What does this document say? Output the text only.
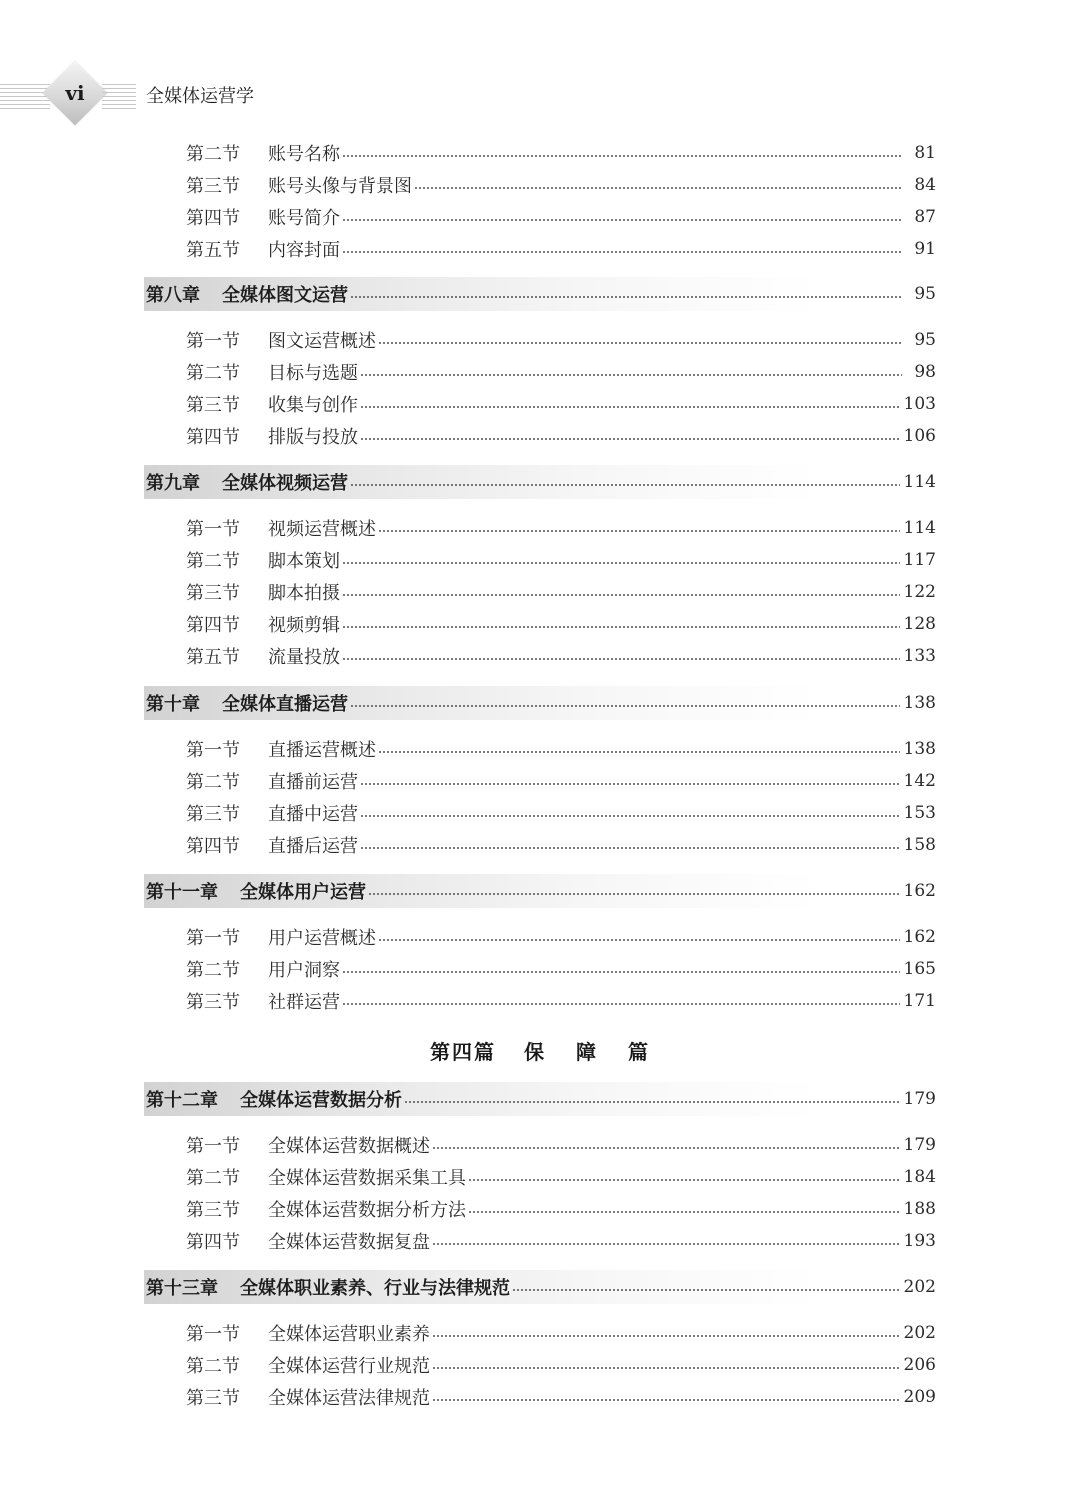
vi	全媒体运营学
第二节	账号名称	81
第三节	账号头像与背景图	84
第四节	账号简介	87
第五节	内容封面	91
第八章 全媒体图文运营	95
第一节	图文运营概述	95
第二节	目标与选题	98
第三节	收集与创作	103
第四节	排版与投放	106
第九章 全媒体视频运营	114
第一节	视频运营概述	114
第二节	脚本策划	117
第三节	脚本拍摄	122
第四节	视频剪辑	128
第五节	流量投放	133
第十章 全媒体直播运营	138
第一节	直播运营概述	138
第二节	直播前运营	142
第三节	直播中运营	153
第四节	直播后运营	158
第十一章 全媒体用户运营	162
第一节	用户运营概述	162
第二节	用户洞察	165
第三节	社群运营	171
第十二章 全媒体运营数据分析	179
第一节	全媒体运营数据概述	179
第二节	全媒体运营数据采集工具	184
第三节	全媒体运营数据分析方法	188
第四节	全媒体运营数据复盘	193
第十三章 全媒体职业素养、行业与法律规范	202
第一节	全媒体运营职业素养	202
第二节	全媒体运营行业规范	206
第三节	全媒体运营法律规范	209
第四篇 保 障 篇
